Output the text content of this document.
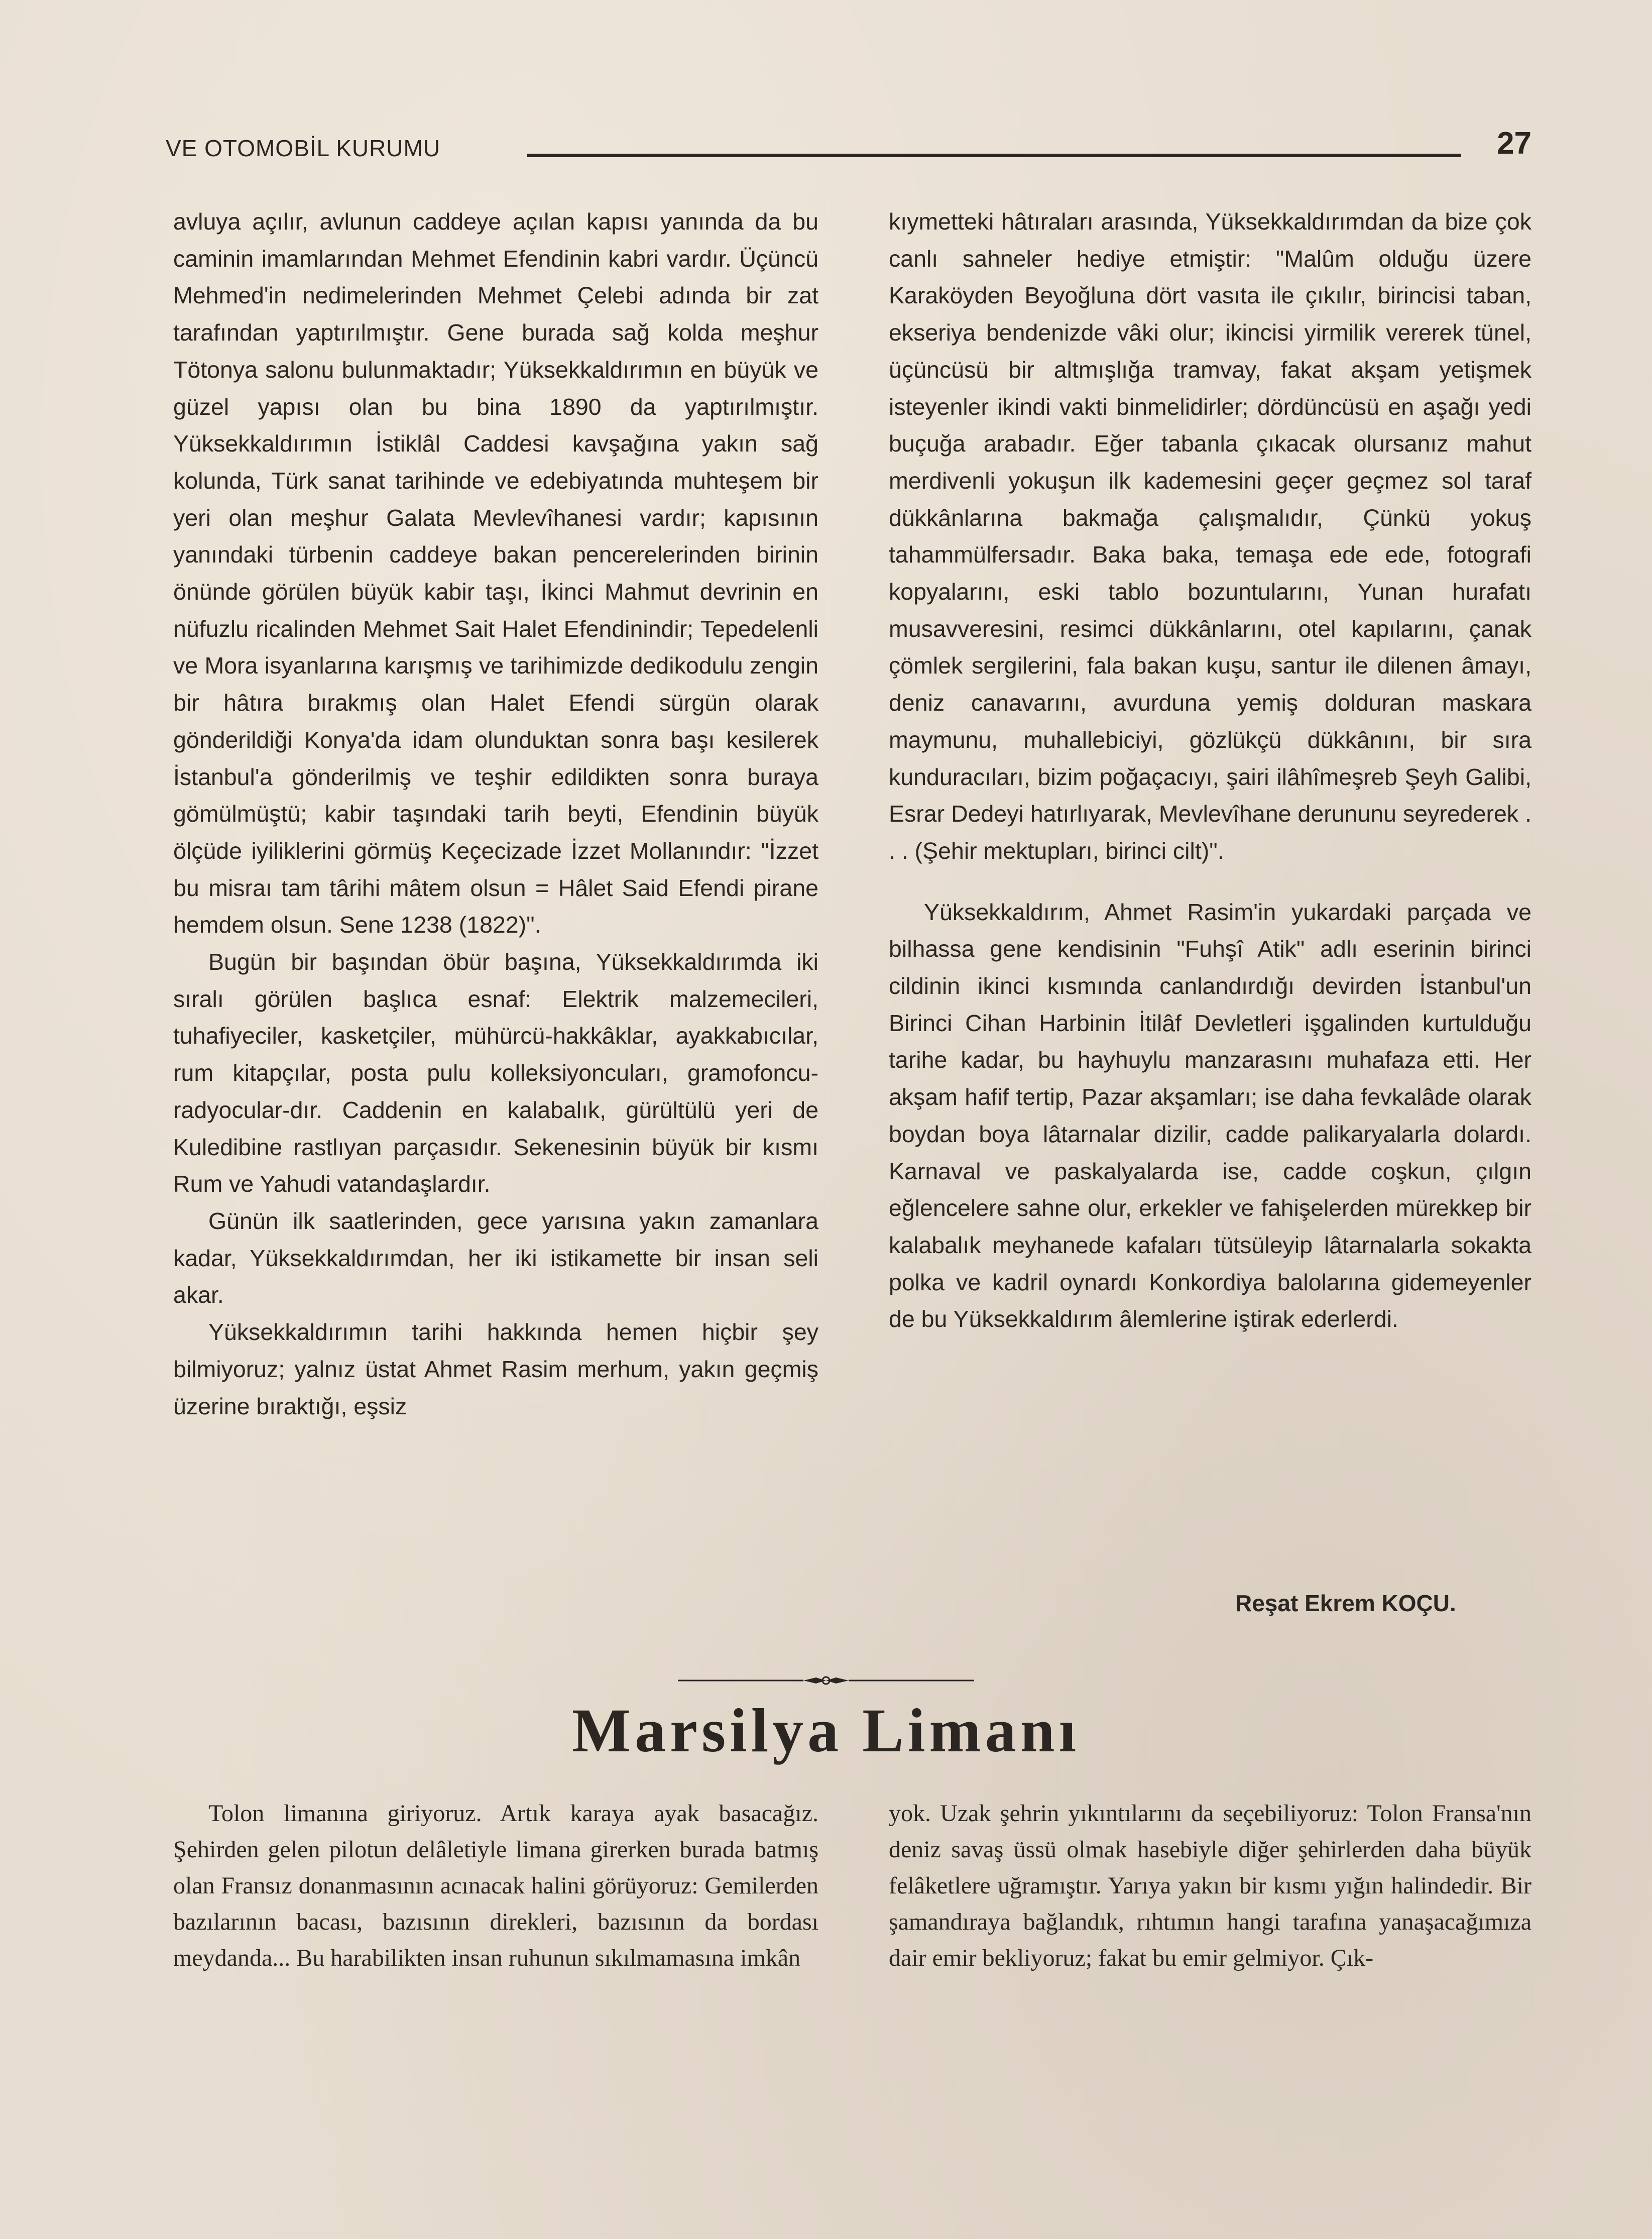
VE OTOMOBİL KURUMU	27

avluya açılır, avlunun caddeye açılan kapısı yanında da bu caminin imamlarından Mehmet Efendinin kabri vardır. Üçüncü Mehmed'in nedimelerinden Mehmet Çelebi adında bir zat tarafından yaptırılmıştır. Gene burada sağ kolda meşhur Tötonya salonu bulunmaktadır; Yüksekkaldırımın en büyük ve güzel yapısı olan bu bina 1890 da yaptırılmıştır. Yüksekkaldırımın İstiklâl Caddesi kavşağına yakın sağ kolunda, Türk sanat tarihinde ve edebiyatında muhteşem bir yeri olan meşhur Galata Mevlevîhanesi vardır; kapısının yanındaki türbenin caddeye bakan pencerelerinden birinin önünde görülen büyük kabir taşı, İkinci Mahmut devrinin en nüfuzlu ricalinden Mehmet Sait Halet Efendinindir; Tepedelenli ve Mora isyanlarına karışmış ve tarihimizde dedikodulu zengin bir hâtıra bırakmış olan Halet Efendi sürgün olarak gönderildiği Konya'da idam olunduktan sonra başı kesilerek İstanbul'a gönderilmiş ve teşhir edildikten sonra buraya gömülmüştü; kabir taşındaki tarih beyti, Efendinin büyük ölçüde iyiliklerini görmüş Keçecizade İzzet Mollanındır: "İzzet bu misraı tam târihi mâtem olsun = Hâlet Said Efendi pirane hemdem olsun. Sene 1238 (1822)".

Bugün bir başından öbür başına, Yüksekkaldırımda iki sıralı görülen başlıca esnaf: Elektrik malzemecileri, tuhafiyeciler, kasketçiler, mühürcü-hakkâklar, ayakkabıcılar, rum kitapçılar, posta pulu kolleksiyoncuları, gramofoncu-radyocular-dır. Caddenin en kalabalık, gürültülü yeri de Kuledibine rastlıyan parçasıdır. Sekenesinin büyük bir kısmı Rum ve Yahudi vatandaşlardır.

Günün ilk saatlerinden, gece yarısına yakın zamanlara kadar, Yüksekkaldırımdan, her iki istikamette bir insan seli akar.

Yüksekkaldırımın tarihi hakkında hemen hiçbir şey bilmiyoruz; yalnız üstat Ahmet Rasim merhum, yakın geçmiş üzerine bıraktığı, eşsiz

kıymetteki hâtıraları arasında, Yüksekkaldırımdan da bize çok canlı sahneler hediye etmiştir: "Malûm olduğu üzere Karaköyden Beyoğluna dört vasıta ile çıkılır, birincisi taban, ekseriya bendenizde vâki olur; ikincisi yirmilik vererek tünel, üçüncüsü bir altmışlığa tramvay, fakat akşam yetişmek isteyenler ikindi vakti binmelidirler; dördüncüsü en aşağı yedi buçuğa arabadır. Eğer tabanla çıkacak olursanız mahut merdivenli yokuşun ilk kademesini geçer geçmez sol taraf dükkânlarına bakmağa çalışmalıdır, Çünkü yokuş tahammülfersadır. Baka baka, temaşa ede ede, fotografi kopyalarını, eski tablo bozuntularını, Yunan hurafatı musavveresini, resimci dükkânlarını, otel kapılarını, çanak çömlek sergilerini, fala bakan kuşu, santur ile dilenen âmayı, deniz canavarını, avurduna yemiş dolduran maskara maymunu, muhallebiciyi, gözlükçü dükkânını, bir sıra kunduracıları, bizim poğaçacıyı, şairi ilâhîmeşreb Şeyh Galibi, Esrar Dedeyi hatırlıyarak, Mevlevîhane derununu seyrederek . . . (Şehir mektupları, birinci cilt)".

Yüksekkaldırım, Ahmet Rasim'in yukardaki parçada ve bilhassa gene kendisinin "Fuhşî Atik" adlı eserinin birinci cildinin ikinci kısmında canlandırdığı devirden İstanbul'un Birinci Cihan Harbinin İtilâf Devletleri işgalinden kurtulduğu tarihe kadar, bu hayhuylu manzarasını muhafaza etti. Her akşam hafif tertip, Pazar akşamları; ise daha fevkalâde olarak boydan boya lâtarnalar dizilir, cadde palikaryalarla dolardı. Karnaval ve paskalyalarda ise, cadde coşkun, çılgın eğlencelere sahne olur, erkekler ve fahişelerden mürekkep bir kalabalık meyhanede kafaları tütsüleyip lâtarnalarla sokakta polka ve kadril oynardı Konkordiya balolarına gidemeyenler de bu Yüksekkaldırım âlemlerine iştirak ederlerdi.

Reşat Ekrem KOÇU.
Marsilya Limanı

Tolon limanına giriyoruz. Artık karaya ayak basacağız. Şehirden gelen pilotun delâletiyle limana girerken burada batmış olan Fransız donanmasının acınacak halini görüyoruz: Gemilerden bazılarının bacası, bazısının direkleri, bazısının da bordası meydanda... Bu harabilikten insan ruhunun sıkılmamasına imkân

yok. Uzak şehrin yıkıntılarını da seçebiliyoruz: Tolon Fransa'nın deniz savaş üssü olmak hasebiyle diğer şehirlerden daha büyük felâketlere uğramıştır. Yarıya yakın bir kısmı yığın halindedir. Bir şamandıraya bağlandık, rıhtımın hangi tarafına yanaşacağımıza dair emir bekliyoruz; fakat bu emir gelmiyor. Çık-
